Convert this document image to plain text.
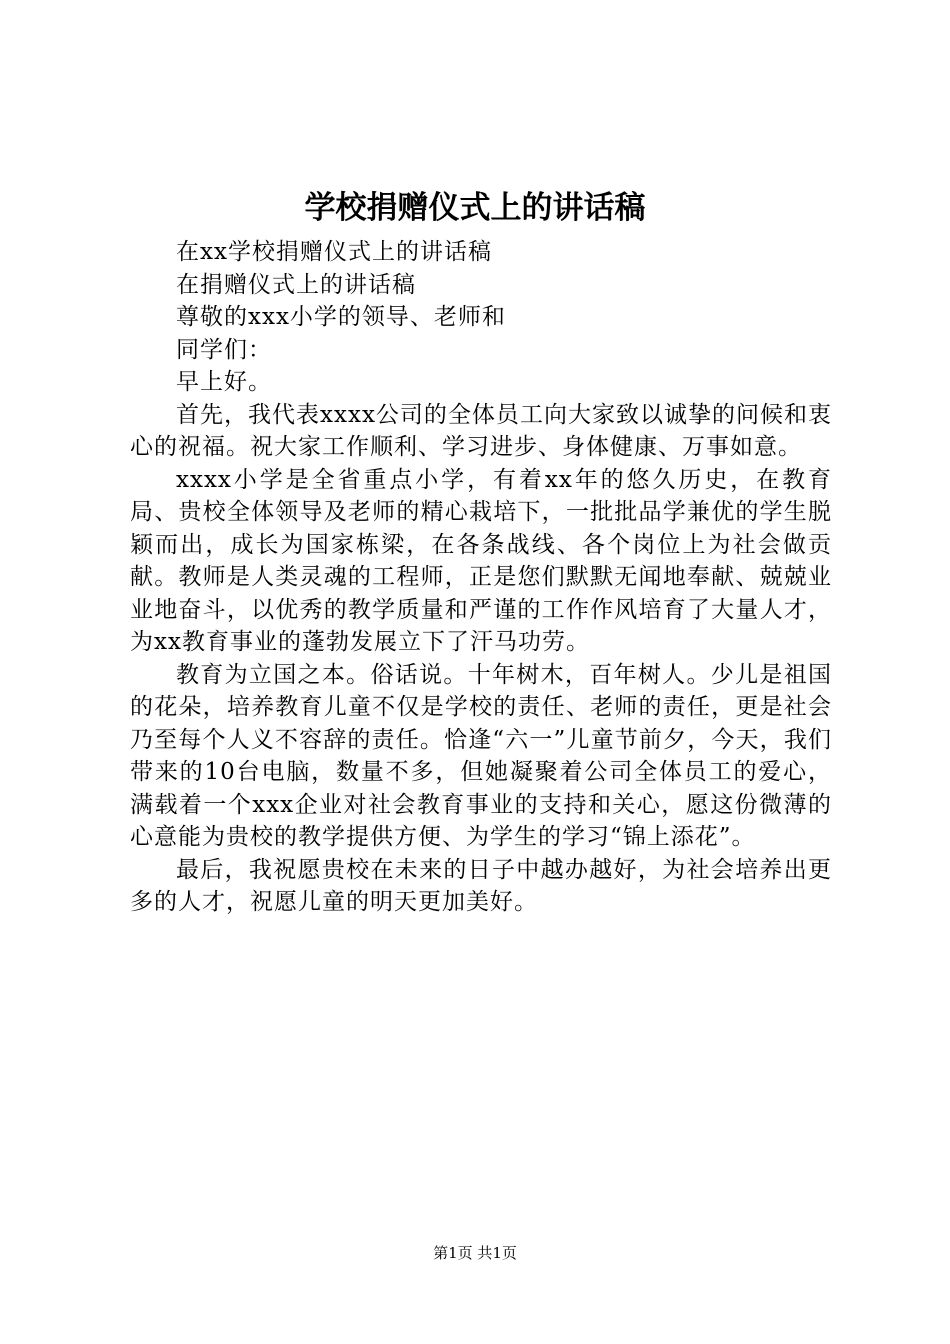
学校捐赠仪式上的讲话稿

在xx学校捐赠仪式上的讲话稿

在捐赠仪式上的讲话稿

尊敬的xxx小学的领导、老师和

同学们：

早上好。

首先，我代表xxxx公司的全体员工向大家致以诚挚的问候和衷心的祝福。祝大家工作顺利、学习进步、身体健康、万事如意。

xxxx小学是全省重点小学，有着xx年的悠久历史，在教育局、贵校全体领导及老师的精心栽培下，一批批品学兼优的学生脱颖而出，成长为国家栋梁，在各条战线、各个岗位上为社会做贡献。教师是人类灵魂的工程师，正是您们默默无闻地奉献、兢兢业业地奋斗，以优秀的教学质量和严谨的工作作风培育了大量人才，为xx教育事业的蓬勃发展立下了汗马功劳。

教育为立国之本。俗话说。十年树木，百年树人。少儿是祖国的花朵，培养教育儿童不仅是学校的责任、老师的责任，更是社会乃至每个人义不容辞的责任。恰逢“六一”儿童节前夕，今天，我们带来的10台电脑，数量不多，但她凝聚着公司全体员工的爱心，满载着一个xxx企业对社会教育事业的支持和关心，愿这份微薄的心意能为贵校的教学提供方便、为学生的学习“锦上添花”。

最后，我祝愿贵校在未来的日子中越办越好，为社会培养出更多的人才，祝愿儿童的明天更加美好。

第1页 共1页
